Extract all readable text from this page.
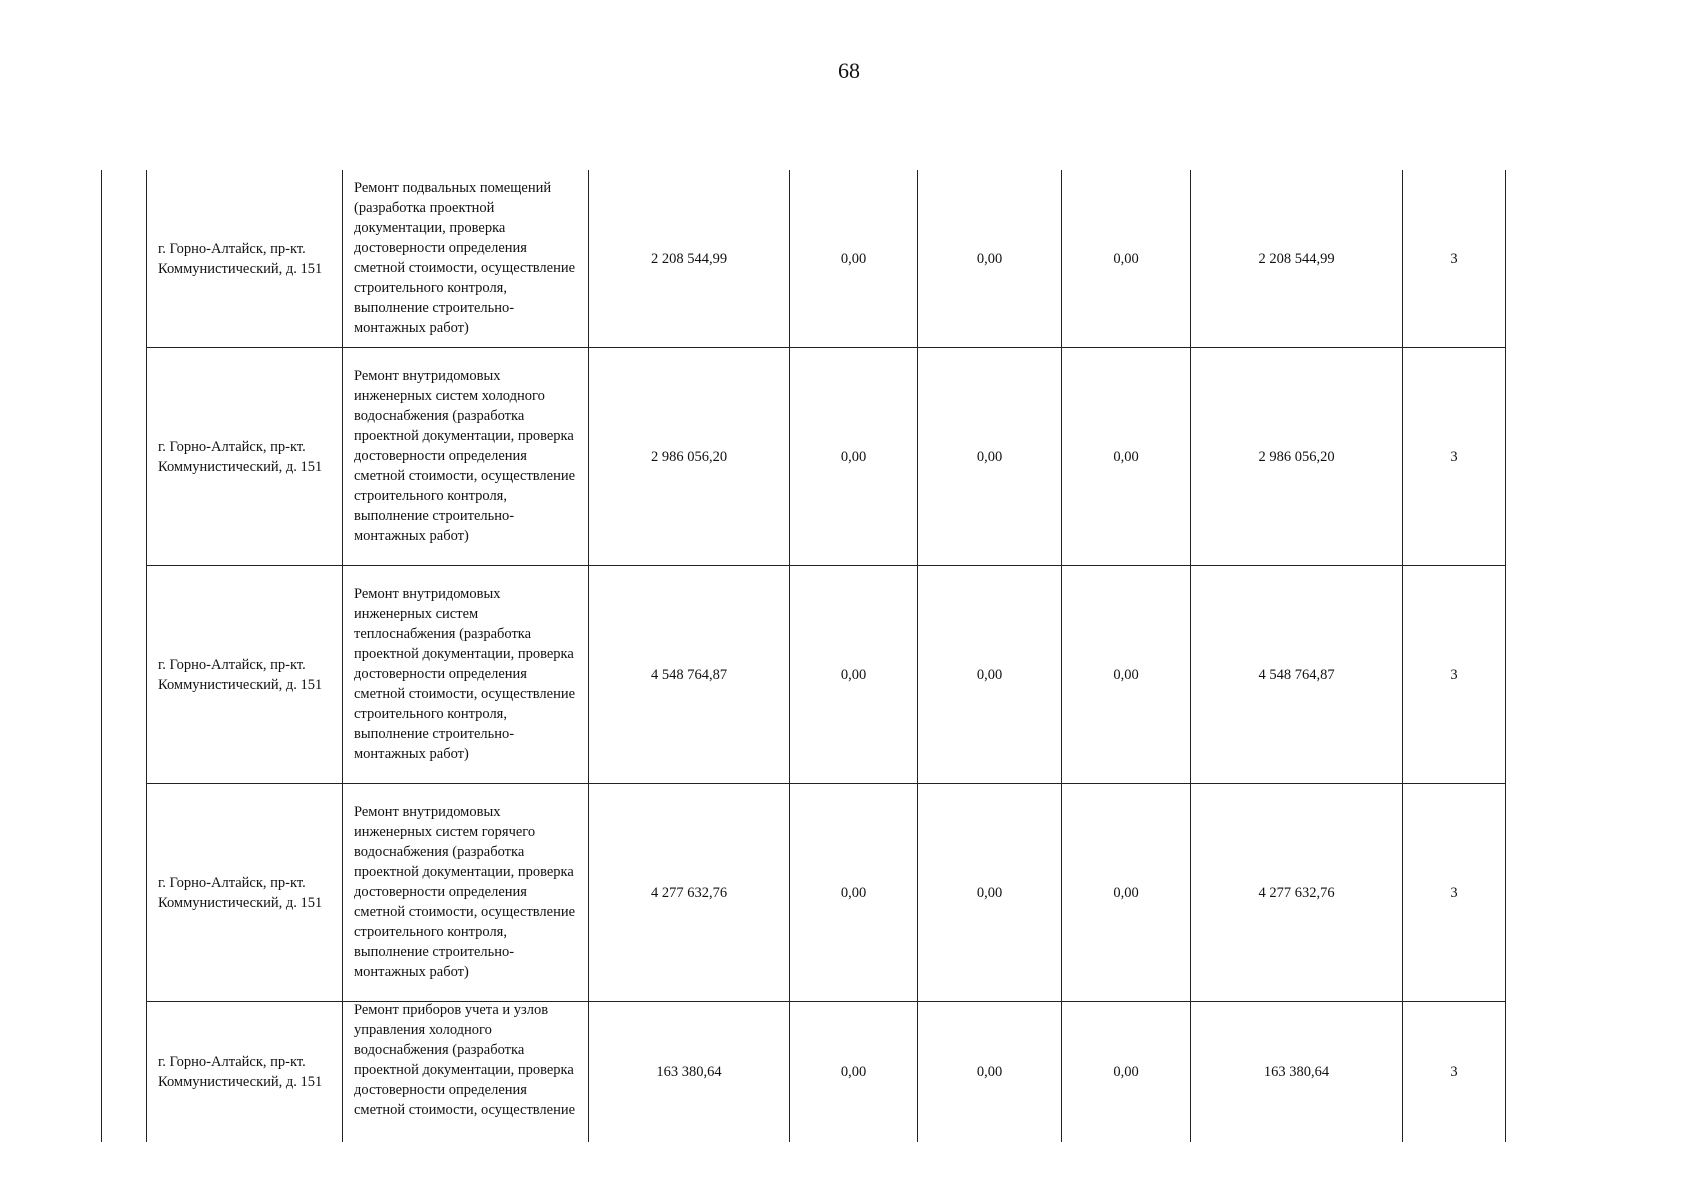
68
	г. Горно-Алтайск, пр-кт. Коммунистический, д. 151	Ремонт подвальных помещений (разработка проектной документации, проверка достоверности определения сметной стоимости, осуществление строительного контроля, выполнение строительно-монтажных работ)	2 208 544,99	0,00	0,00	0,00	2 208 544,99	3	
	г. Горно-Алтайск, пр-кт. Коммунистический, д. 151	Ремонт внутридомовых инженерных систем холодного водоснабжения (разработка проектной документации, проверка достоверности определения сметной стоимости, осуществление строительного контроля, выполнение строительно-монтажных работ)	2 986 056,20	0,00	0,00	0,00	2 986 056,20	3	
	г. Горно-Алтайск, пр-кт. Коммунистический, д. 151	Ремонт внутридомовых инженерных систем теплоснабжения (разработка проектной документации, проверка достоверности определения сметной стоимости, осуществление строительного контроля, выполнение строительно-монтажных работ)	4 548 764,87	0,00	0,00	0,00	4 548 764,87	3	
	г. Горно-Алтайск, пр-кт. Коммунистический, д. 151	Ремонт внутридомовых инженерных систем горячего водоснабжения (разработка проектной документации, проверка достоверности определения сметной стоимости, осуществление строительного контроля, выполнение строительно-монтажных работ)	4 277 632,76	0,00	0,00	0,00	4 277 632,76	3	
	г. Горно-Алтайск, пр-кт. Коммунистический, д. 151	Ремонт приборов учета и узлов управления холодного водоснабжения (разработка проектной документации, проверка достоверности определения сметной стоимости, осуществление	163 380,64	0,00	0,00	0,00	163 380,64	3	
